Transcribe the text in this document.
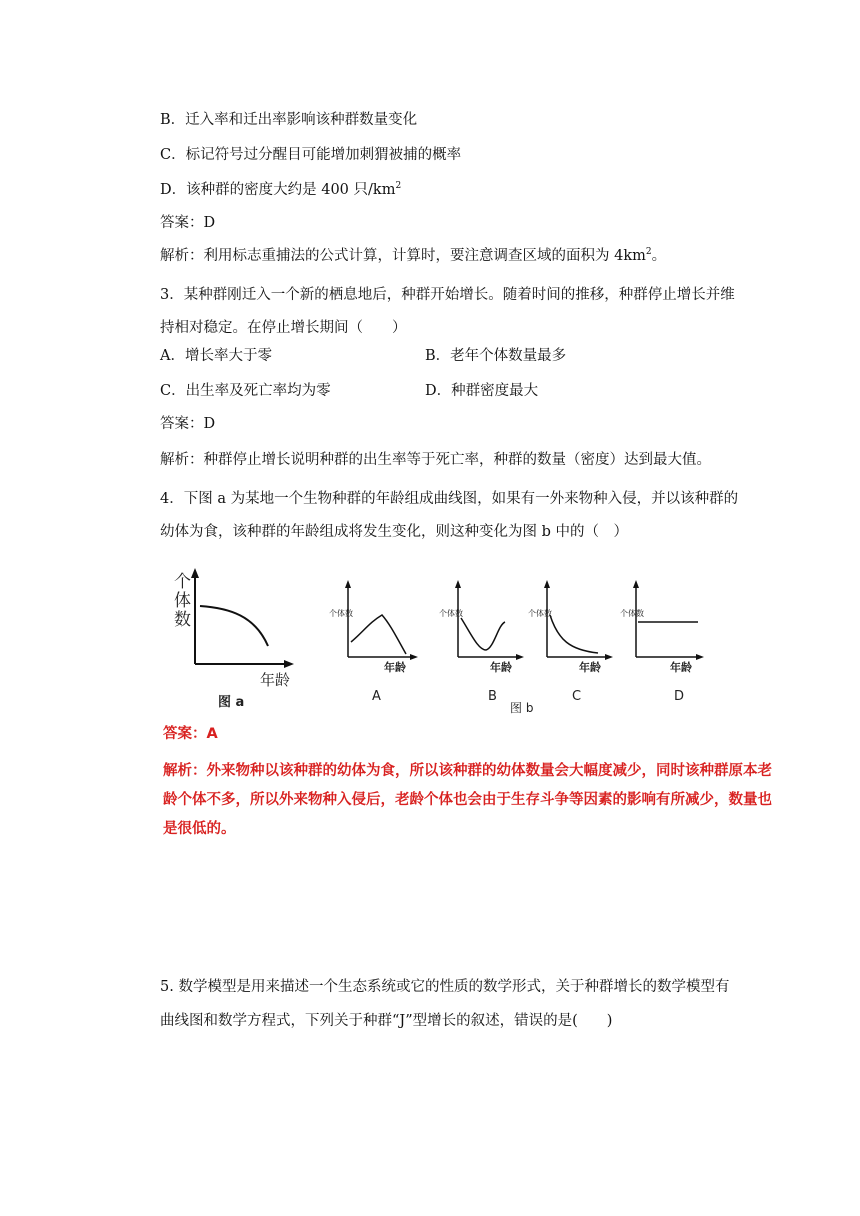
B．迁入率和迁出率影响该种群数量变化

C．标记符号过分醒目可能增加刺猬被捕的概率

D．该种群的密度大约是 400 只$/km^2$

答案：D

解析：利用标志重捕法的公式计算，计算时，要注意调查区域的面积为 $4km^2$。

3．某种群刚迁入一个新的栖息地后，种群开始增长。随着时间的推移，种群停止增长并维持相对稳定。在停止增长期间（　　）

A．增长率大于零	B．老年个体数量最多

C．出生率及死亡率均为零	D．种群密度最大

答案：D

解析：种群停止增长说明种群的出生率等于死亡率，种群的数量（密度）达到最大值。

4．下图 a 为某地一个生物种群的年龄组成曲线图，如果有一外来物种入侵，并以该种群的幼体为食，该种群的年龄组成将发生变化，则这种变化为图 b 中的（　）

个
体
数
年龄
图 a
个体数
年龄
A
个体数
年龄
B
图 b
个体数
年龄
C
个体数
年龄
D

答案：A

解析：外来物种以该种群的幼体为食，所以该种群的幼体数量会大幅度减少，同时该种群原本老龄个体不多，所以外来物种入侵后，老龄个体也会由于生存斗争等因素的影响有所减少，数量也是很低的。

5. 数学模型是用来描述一个生态系统或它的性质的数学形式，关于种群增长的数学模型有曲线图和数学方程式，下列关于种群“J”型增长的叙述，错误的是(　　)
